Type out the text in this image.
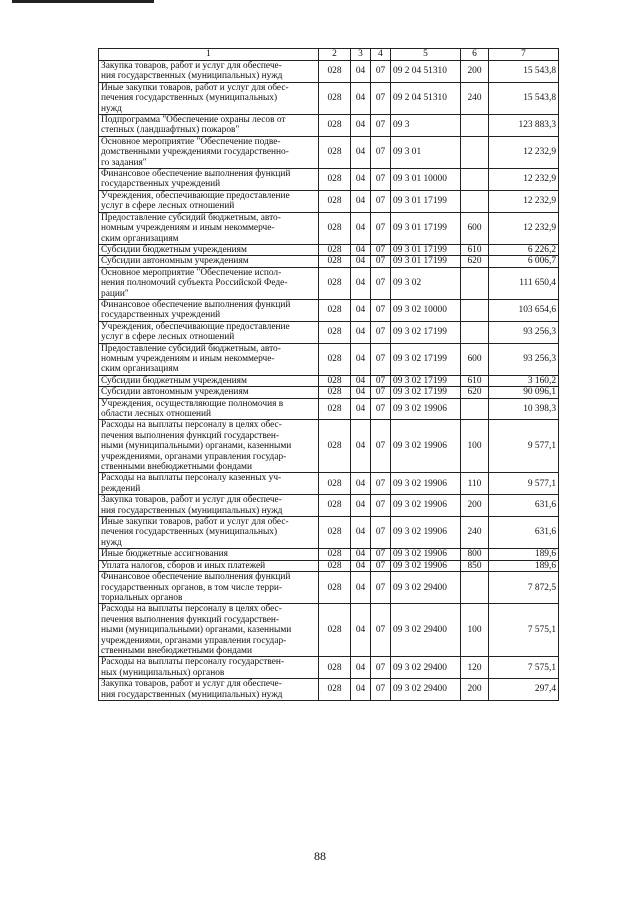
1	2	3	4	5	6	7
Закупка товаров, работ и услуг для обеспече-
ния государственных (муниципальных) нужд	028	04	07	09 2 04 51310	200	15 543,8
Иные закупки товаров, работ и услуг для обес-
печения государственных (муниципальных)
нужд	028	04	07	09 2 04 51310	240	15 543,8
Подпрограмма "Обеспечение охраны лесов от
степных (ландшафтных) пожаров"	028	04	07	09 3		123 883,3
Основное мероприятие "Обеспечение подве-
домственными учреждениями государственно-
го задания"	028	04	07	09 3 01		12 232,9
Финансовое обеспечение выполнения функций
государственных учреждений	028	04	07	09 3 01 10000		12 232,9
Учреждения, обеспечивающие предоставление
услуг в сфере лесных отношений	028	04	07	09 3 01 17199		12 232,9
Предоставление субсидий бюджетным, авто-
номным учреждениям и иным некоммерче-
ским организациям	028	04	07	09 3 01 17199	600	12 232,9
Субсидии бюджетным учреждениям	028	04	07	09 3 01 17199	610	6 226,2
Субсидии автономным учреждениям	028	04	07	09 3 01 17199	620	6 006,7
Основное мероприятие "Обеспечение испол-
нения полномочий субъекта Российской Феде-
рации"	028	04	07	09 3 02		111 650,4
Финансовое обеспечение выполнения функций
государственных учреждений	028	04	07	09 3 02 10000		103 654,6
Учреждения, обеспечивающие предоставление
услуг в сфере лесных отношений	028	04	07	09 3 02 17199		93 256,3
Предоставление субсидий бюджетным, авто-
номным учреждениям и иным некоммерче-
ским организациям	028	04	07	09 3 02 17199	600	93 256,3
Субсидии бюджетным учреждениям	028	04	07	09 3 02 17199	610	3 160,2
Субсидии автономным учреждениям	028	04	07	09 3 02 17199	620	90 096,1
Учреждения, осуществляющие полномочия в
области лесных отношений	028	04	07	09 3 02 19906		10 398,3
Расходы на выплаты персоналу в целях обес-
печения выполнения функций государствен-
ными (муниципальными) органами, казенными
учреждениями, органами управления государ-
ственными внебюджетными фондами	028	04	07	09 3 02 19906	100	9 577,1
Расходы на выплаты персоналу казенных уч-
реждений	028	04	07	09 3 02 19906	110	9 577,1
Закупка товаров, работ и услуг для обеспече-
ния государственных (муниципальных) нужд	028	04	07	09 3 02 19906	200	631,6
Иные закупки товаров, работ и услуг для обес-
печения государственных (муниципальных)
нужд	028	04	07	09 3 02 19906	240	631,6
Иные бюджетные ассигнования	028	04	07	09 3 02 19906	800	189,6
Уплата налогов, сборов и иных платежей	028	04	07	09 3 02 19906	850	189,6
Финансовое обеспечение выполнения функций
государственных органов, в том числе терри-
ториальных органов	028	04	07	09 3 02 29400		7 872,5
Расходы на выплаты персоналу в целях обес-
печения выполнения функций государствен-
ными (муниципальными) органами, казенными
учреждениями, органами управления государ-
ственными внебюджетными фондами	028	04	07	09 3 02 29400	100	7 575,1
Расходы на выплаты персоналу государствен-
ных (муниципальных) органов	028	04	07	09 3 02 29400	120	7 575,1
Закупка товаров, работ и услуг для обеспече-
ния государственных (муниципальных) нужд	028	04	07	09 3 02 29400	200	297,4
88
